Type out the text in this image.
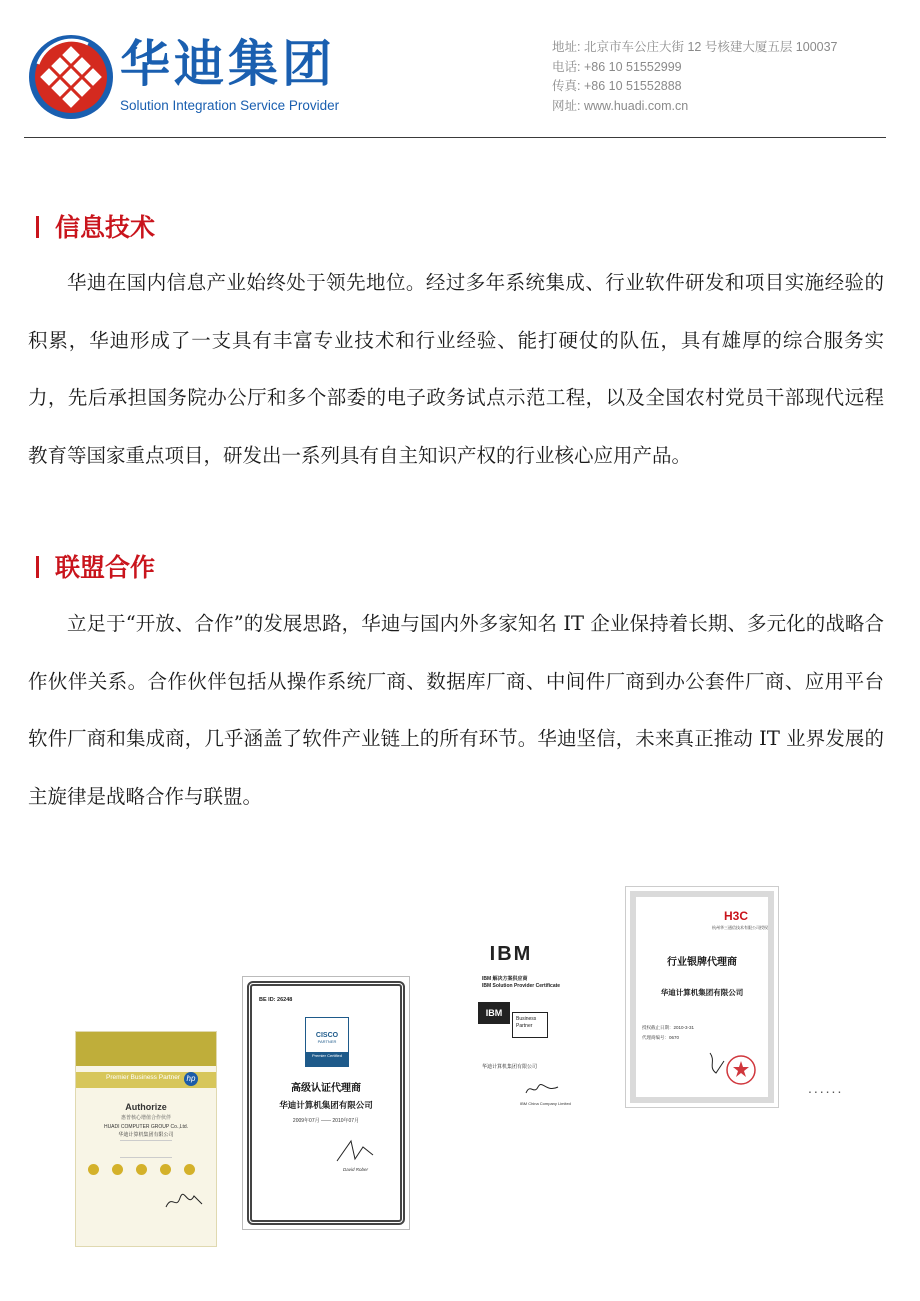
华迪集团
Solution Integration Service Provider
地址: 北京市车公庄大街 12 号核建大厦五层 100037
电话: +86 10 51552999
传真: +86 10 51552888
网址: www.huadi.com.cn
信息技术
华迪在国内信息产业始终处于领先地位。经过多年系统集成、行业软件研发和项目实施经验的积累，华迪形成了一支具有丰富专业技术和行业经验、能打硬仗的队伍，具有雄厚的综合服务实力，先后承担国务院办公厅和多个部委的电子政务试点示范工程，以及全国农村党员干部现代远程教育等国家重点项目，研发出一系列具有自主知识产权的行业核心应用产品。
联盟合作
立足于“开放、合作”的发展思路，华迪与国内外多家知名 IT 企业保持着长期、多元化的战略合作伙伴关系。合作伙伴包括从操作系统厂商、数据库厂商、中间件厂商到办公套件厂商、应用平台软件厂商和集成商，几乎涵盖了软件产业链上的所有环节。华迪坚信，未来真正推动 IT 业界发展的主旋律是战略合作与联盟。
Premier Business Partner hp
Authorize
惠普核心增值合作伙伴
HUADI COMPUTER GROUP Co.,Ltd.
华迪计算机集团有限公司
BE ID: 26248
CISCO
PARTNER
Premier Certified
高级认证代理商
华迪计算机集团有限公司
2009年07月 —— 2010年07月
David Rober
IBM
IBM 解决方案供应商
IBM Solution Provider Certificate
IBM
Business
Partner
华迪计算机集团有限公司
IBM China Company Limited
H3C
杭州华三通信技术有限公司授权
行业银牌代理商
华迪计算机集团有限公司
授权截止日期：2010-3-31
代理商编号：0670
......
